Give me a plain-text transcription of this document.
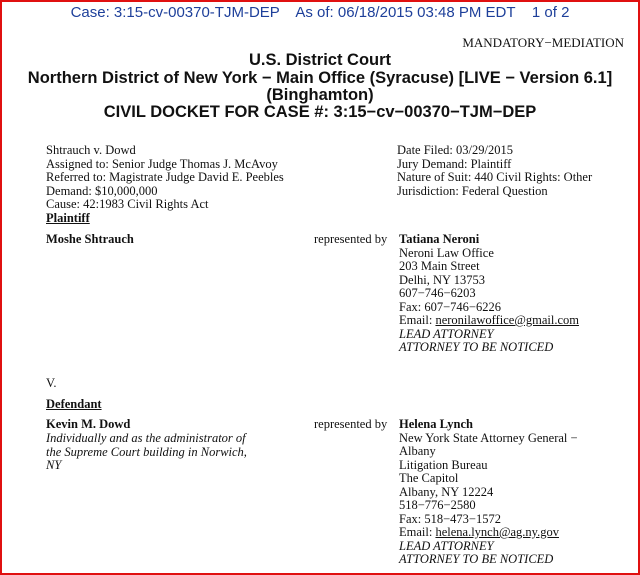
Case: 3:15-cv-00370-TJM-DEP As of: 06/18/2015 03:48 PM EDT 1 of 2
MANDATORY−MEDIATION
U.S. District Court
Northern District of New York − Main Office (Syracuse) [LIVE − Version 6.1]
(Binghamton)
CIVIL DOCKET FOR CASE #: 3:15−cv−00370−TJM−DEP
Shtrauch v. Dowd
Assigned to: Senior Judge Thomas J. McAvoy
Referred to: Magistrate Judge David E. Peebles
Demand: $10,000,000
Cause: 42:1983 Civil Rights Act
Date Filed: 03/29/2015
Jury Demand: Plaintiff
Nature of Suit: 440 Civil Rights: Other
Jurisdiction: Federal Question
Plaintiff
Moshe Shtrauch	represented by Tatiana Neroni
Neroni Law Office
203 Main Street
Delhi, NY 13753
607−746−6203
Fax: 607−746−6226
Email: neronilawoffice@gmail.com
LEAD ATTORNEY
ATTORNEY TO BE NOTICED
V.
Defendant
Kevin M. Dowd
Individually and as the administrator of
the Supreme Court building in Norwich,
NY
represented by Helena Lynch
New York State Attorney General −
Albany
Litigation Bureau
The Capitol
Albany, NY 12224
518−776−2580
Fax: 518−473−1572
Email: helena.lynch@ag.ny.gov
LEAD ATTORNEY
ATTORNEY TO BE NOTICED
